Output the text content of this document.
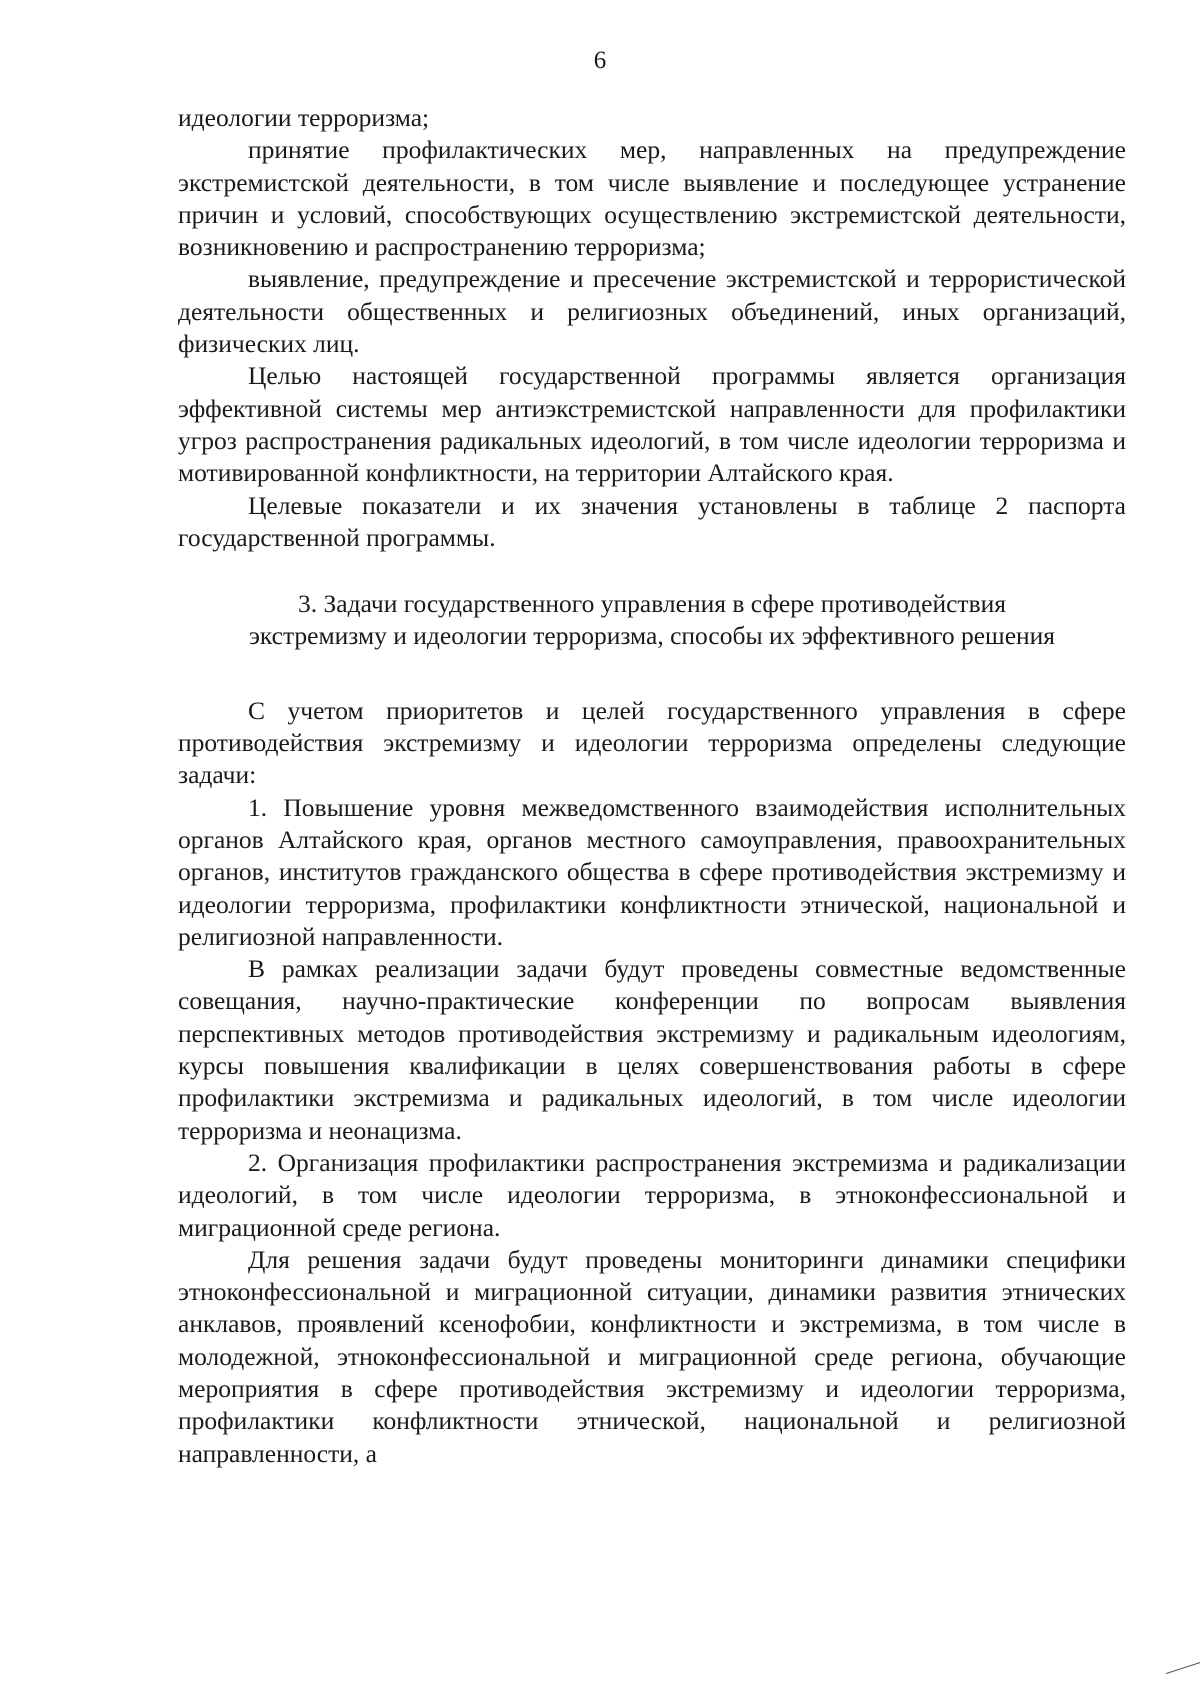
6

идеологии терроризма;

принятие профилактических мер, направленных на предупреждение экстремистской деятельности, в том числе выявление и последующее устранение причин и условий, способствующих осуществлению экстремистской деятельности, возникновению и распространению терроризма;

выявление, предупреждение и пресечение экстремистской и террористической деятельности общественных и религиозных объединений, иных организаций, физических лиц.

Целью настоящей государственной программы является организация эффективной системы мер антиэкстремистской направленности для профилактики угроз распространения радикальных идеологий, в том числе идеологии терроризма и мотивированной конфликтности, на территории Алтайского края.

Целевые показатели и их значения установлены в таблице 2 паспорта государственной программы.

3. Задачи государственного управления в сфере противодействия
экстремизму и идеологии терроризма, способы их эффективного решения

С учетом приоритетов и целей государственного управления в сфере противодействия экстремизму и идеологии терроризма определены следующие задачи:

1. Повышение уровня межведомственного взаимодействия исполнительных органов Алтайского края, органов местного самоуправления, правоохранительных органов, институтов гражданского общества в сфере противодействия экстремизму и идеологии терроризма, профилактики конфликтности этнической, национальной и религиозной направленности.

В рамках реализации задачи будут проведены совместные ведомственные совещания, научно-практические конференции по вопросам выявления перспективных методов противодействия экстремизму и радикальным идеологиям, курсы повышения квалификации в целях совершенствования работы в сфере профилактики экстремизма и радикальных идеологий, в том числе идеологии терроризма и неонацизма.

2. Организация профилактики распространения экстремизма и радикализации идеологий, в том числе идеологии терроризма, в этноконфессиональной и миграционной среде региона.

Для решения задачи будут проведены мониторинги динамики специфики этноконфессиональной и миграционной ситуации, динамики развития этнических анклавов, проявлений ксенофобии, конфликтности и экстремизма, в том числе в молодежной, этноконфессиональной и миграционной среде региона, обучающие мероприятия в сфере противодействия экстремизму и идеологии терроризма, профилактики конфликтности этнической, национальной и религиозной направленности, а
